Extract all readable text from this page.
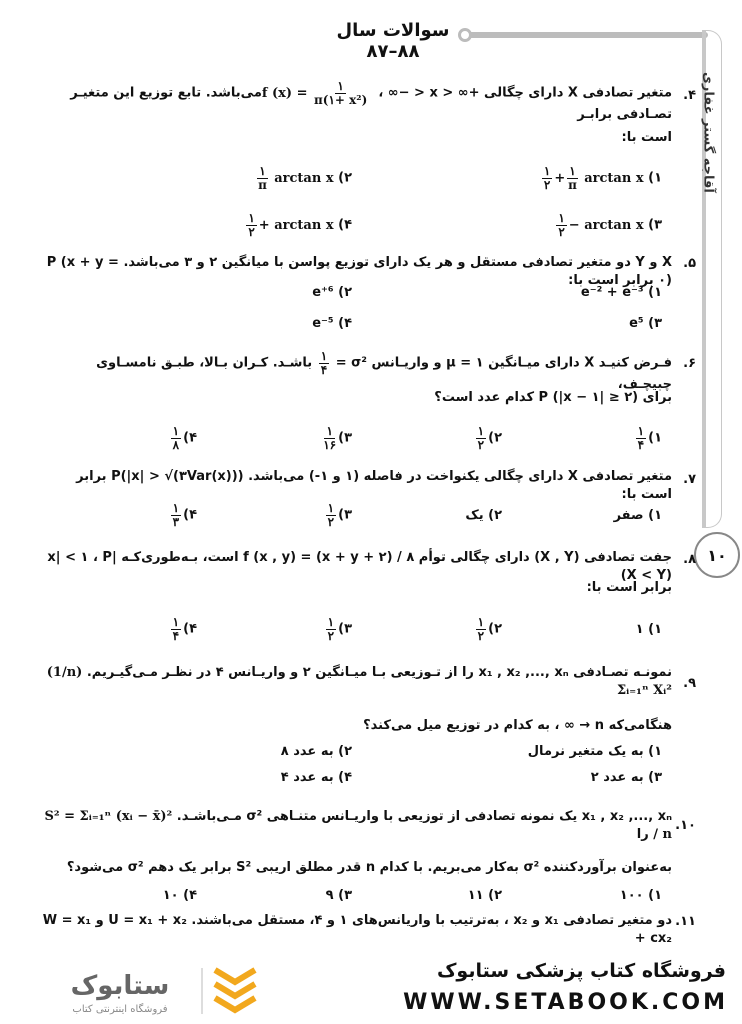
سوالات سال ۸۸–۸۷
آقاجه گستر غفاری
۱۰
۴.
متغیر تصادفی X دارای چگالی +∞ < x < −∞ ، f $(x) = \frac{۱}{\text{π(۱+ x²)}}$
می‌باشد. تابع توزیع این متغیـر تصـادفی برابـر
است با:
۱)
$\frac{۱}{۲} + \frac{۱}{\pi}$ arctan x
۲)
$\frac{۱}{\pi}$ arctan x
۳)
$\frac{۱}{۲} - \arctan x$
۴)
$\frac{۱}{۲} + \arctan x$
۵.
X و Y دو متغیر تصادفی مستقل و هر یک دارای توزیع پواسن با میانگین ۲ و ۳ می‌باشد. P (x + y = ۰) برابر است با:
۱) e⁻² + e⁻³
۲) e⁺⁶
۳) e⁵
۴) e⁻⁵
۶.
فـرض کنیـد X دارای میـانگین μ = ۱ و واریـانس σ² =
$\frac{۱}{۴}$
باشـد. کـران بـالا، طبـق نامسـاوی چبیچـف،
برای P (|x − ۱| ≥ ۲) کدام عدد است؟
۱)
$\frac{۱}{۴}$
۲)
$\frac{۱}{۲}$
۳)
$\frac{۱}{۱۶}$
۴)
$\frac{۱}{۸}$
۷.
متغیر تصادفی X دارای چگالی یکنواخت در فاصله (۱ و ۱-) می‌باشد. P(|x| > √(۳Var(x))) برابر است با:
۱) صفر
۲) یک
۳)
$\frac{۱}{۲}$
۴)
$\frac{۱}{۳}$
۸.
جفت تصادفی (X , Y) دارای چگالی توأم f (x , y) = (x + y + ۲) / ۸ است، بـه‌طوری‌کـه |x| < ۱ ، P (X < Y)
برابر است با:
۱) ۱
۲)
$\frac{۱}{۲}$
۳)
$\frac{۱}{۲}$
۴)
$\frac{۱}{۴}$
۹.
نمونـه تصـادفی x₁ , x₂ ,..., xₙ را از تـوزیعی بـا میـانگین ۲ و واریـانس ۴ در نظـر مـی‌گیـریم. (1/n) Σᵢ₌₁ⁿ Xᵢ²
هنگامی‌که n → ∞ ، به کدام در توزیع میل می‌کند؟
۱) به یک متغیر نرمال
۲) به عدد ۸
۳) به عدد ۲
۴) به عدد ۴
۱۰.
x₁ , x₂ ,..., xₙ یک نمونه تصادفی از توزیعی با واریـانس متنـاهی σ² مـی‌باشـد. S² = Σᵢ₌₁ⁿ (xᵢ − x̄)² / n را
به‌عنوان برآوردکننده σ² به‌کار می‌بریم. با کدام n قدر مطلق اریبی S² برابر یک دهم σ² می‌شود؟
۱) ۱۰۰
۲) ۱۱
۳) ۹
۴) ۱۰
۱۱.
دو متغیر تصادفی x₁ و x₂ ، به‌ترتیب با واریانس‌های ۱ و ۴، مستقل می‌باشند. U = x₁ + x₂ و W = x₁ + cx₂
فروشگاه کتاب پزشکی ستابوک
WWW.SETABOOK.COM
ستابوک
فروشگاه اینترنتی کتاب
